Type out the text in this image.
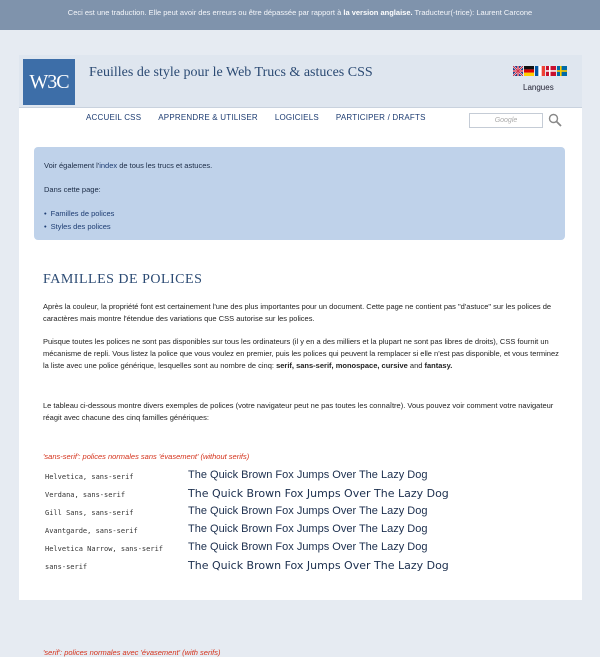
Ceci est une traduction. Elle peut avoir des erreurs ou être dépassée par rapport à la version anglaise. Traducteur(-trice): Laurent Carcone
W3C	Feuilles de style pour le Web Trucs & astuces CSS
Langues
ACCUEIL CSS APPRENDRE & UTILISER LOGICIELS PARTICIPER / DRAFTS	Google
Voir également l'index de tous les trucs et astuces.
Dans cette page:
• Familles de polices
• Styles des polices
FAMILLES DE POLICES
Après la couleur, la propriété font est certainement l'une des plus importantes pour un document. Cette page ne contient pas "d'astuce" sur les polices de caractères mais montre l'étendue des variations que CSS autorise sur les polices.
Puisque toutes les polices ne sont pas disponibles sur tous les ordinateurs (il y en a des milliers et la plupart ne sont pas libres de droits), CSS fournit un mécanisme de repli. Vous listez la police que vous voulez en premier, puis les polices qui peuvent la remplacer si elle n'est pas disponible, et vous terminez la liste avec une police générique, lesquelles sont au nombre de cinq: serif, sans-serif, monospace, cursive and fantasy.
Le tableau ci-dessous montre divers exemples de polices (votre navigateur peut ne pas toutes les connaître). Vous pouvez voir comment votre navigateur réagit avec chacune des cinq familles génériques:
'sans-serif': polices normales sans 'évasement' (without serifs)
Helvetica, sans-serif	The Quick Brown Fox Jumps Over The Lazy Dog
Verdana, sans-serif	The Quick Brown Fox Jumps Over The Lazy Dog
Gill Sans, sans-serif	The Quick Brown Fox Jumps Over The Lazy Dog
Avantgarde, sans-serif	The Quick Brown Fox Jumps Over The Lazy Dog
Helvetica Narrow, sans-serif The Quick Brown Fox Jumps Over The Lazy Dog
sans-serif	The Quick Brown Fox Jumps Over The Lazy Dog
'serif': polices normales avec 'évasement' (with serifs)
